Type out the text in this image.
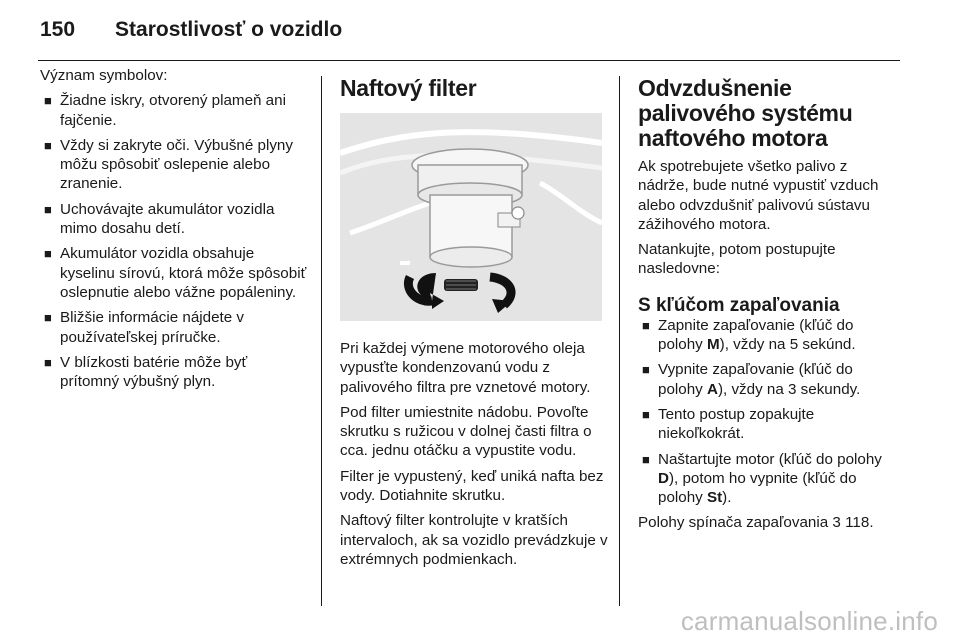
150 Starostlivosť o vozidlo

Význam symbolov:

■ Žiadne iskry, otvorený plameň ani fajčenie.
■ Vždy si zakryte oči. Výbušné plyny môžu spôsobiť oslepenie alebo zranenie.
■ Uchovávajte akumulátor vozidla mimo dosahu detí.
■ Akumulátor vozidla obsahuje kyselinu sírovú, ktorá môže spôsobiť oslepnutie alebo vážne popáleniny.
■ Bližšie informácie nájdete v používateľskej príručke.
■ V blízkosti batérie môže byť prítomný výbušný plyn.
Naftový filter

Pri každej výmene motorového oleja vypusťte kondenzovanú vodu z palivového filtra pre vznetové motory.

Pod filter umiestnite nádobu. Povoľte skrutku s ružicou v dolnej časti filtra o cca. jednu otáčku a vypustite vodu.

Filter je vypustený, keď uniká nafta bez vody. Dotiahnite skrutku.

Naftový filter kontrolujte v kratších intervaloch, ak sa vozidlo prevádzkuje v extrémnych podmienkach.

Odvzdušnenie palivového systému naftového motora

Ak spotrebujete všetko palivo z nádrže, bude nutné vypustiť vzduch alebo odvzdušniť palivovú sústavu zážihového motora.

Natankujte, potom postupujte nasledovne:

S kľúčom zapaľovania
■ Zapnite zapaľovanie (kľúč do polohy M), vždy na 5 sekúnd.
■ Vypnite zapaľovanie (kľúč do polohy A), vždy na 3 sekundy.
■ Tento postup zopakujte niekoľkokrát.
■ Naštartujte motor (kľúč do polohy D), potom ho vypnite (kľúč do polohy St).

Polohy spínača zapaľovania 3 118.

carmanualsonline.info
